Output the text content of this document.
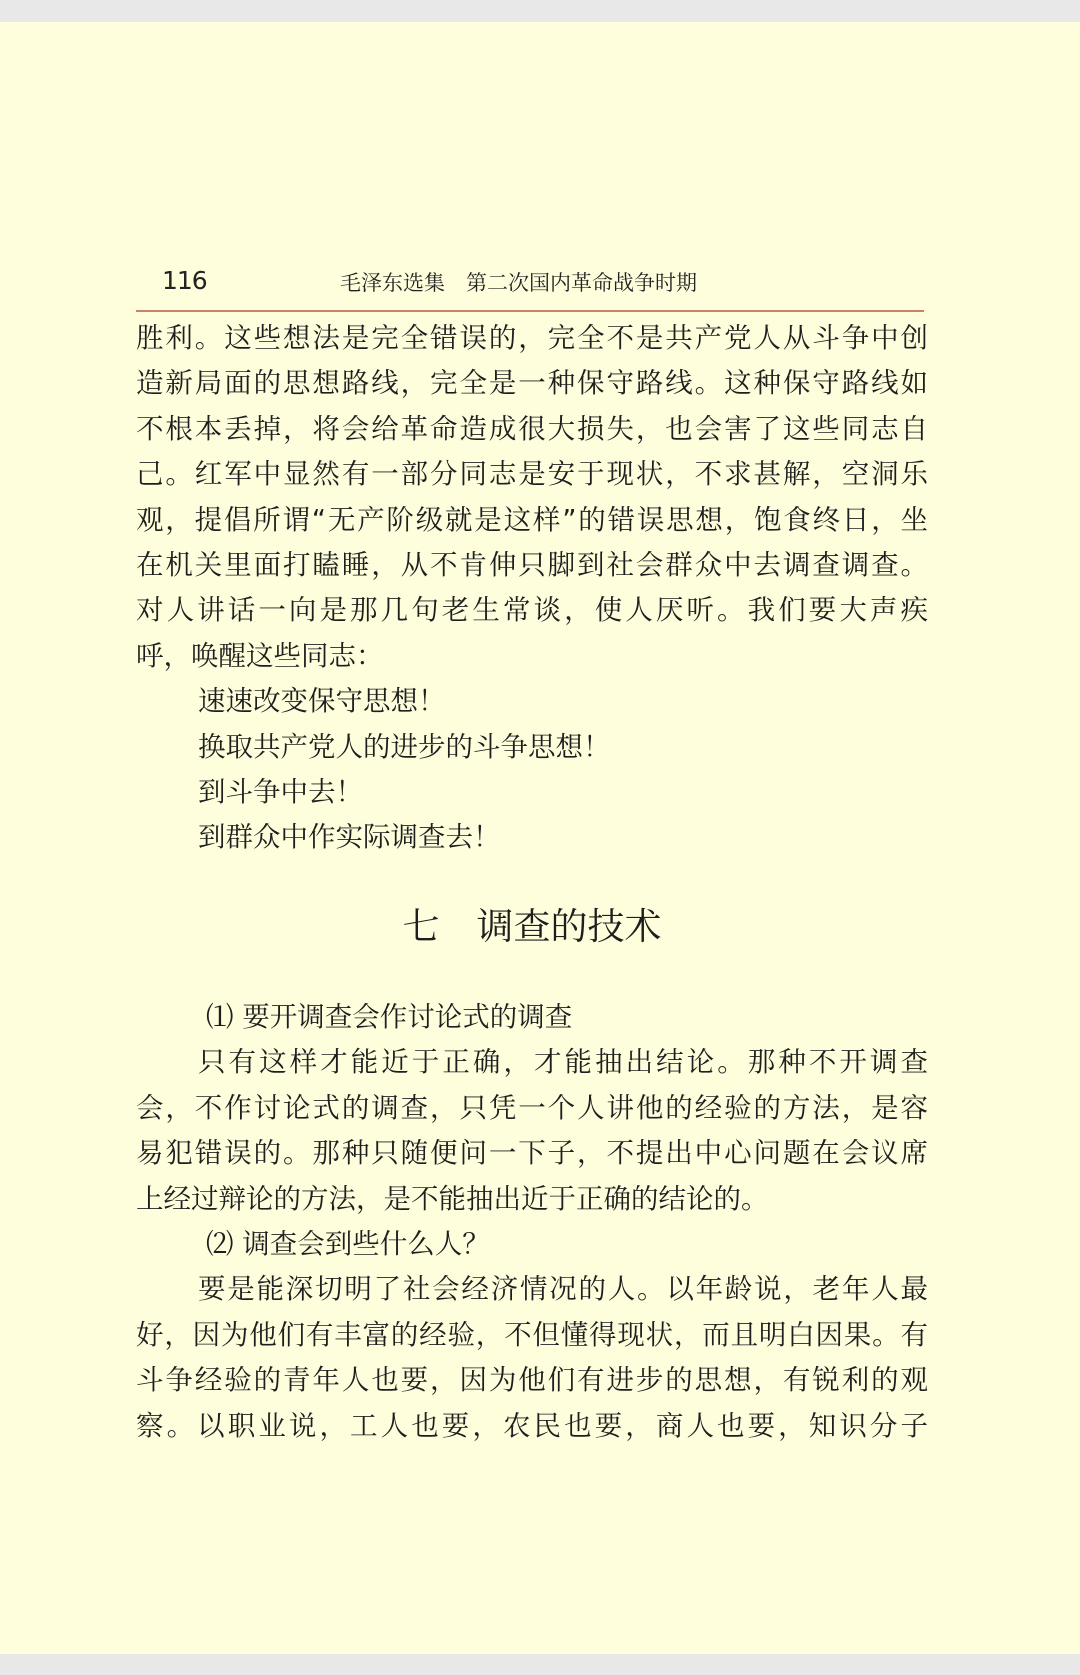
116	毛泽东选集　第二次国内革命战争时期
胜利。这些想法是完全错误的，完全不是共产党人从斗争中创
造新局面的思想路线，完全是一种保守路线。这种保守路线如
不根本丢掉，将会给革命造成很大损失，也会害了这些同志自
己。红军中显然有一部分同志是安于现状，不求甚解，空洞乐
观，提倡所谓“无产阶级就是这样”的错误思想，饱食终日，坐
在机关里面打瞌睡，从不肯伸只脚到社会群众中去调查调查。
对人讲话一向是那几句老生常谈，使人厌听。我们要大声疾
呼，唤醒这些同志：
速速改变保守思想！
换取共产党人的进步的斗争思想！
到斗争中去！
到群众中作实际调查去！
七　调查的技术
⑴ 要开调查会作讨论式的调查
只有这样才能近于正确，才能抽出结论。那种不开调查
会，不作讨论式的调查，只凭一个人讲他的经验的方法，是容
易犯错误的。那种只随便问一下子，不提出中心问题在会议席
上经过辩论的方法，是不能抽出近于正确的结论的。
⑵ 调查会到些什么人？
要是能深切明了社会经济情况的人。以年龄说，老年人最
好，因为他们有丰富的经验，不但懂得现状，而且明白因果。有
斗争经验的青年人也要，因为他们有进步的思想，有锐利的观
察。以职业说，工人也要，农民也要，商人也要，知识分子
